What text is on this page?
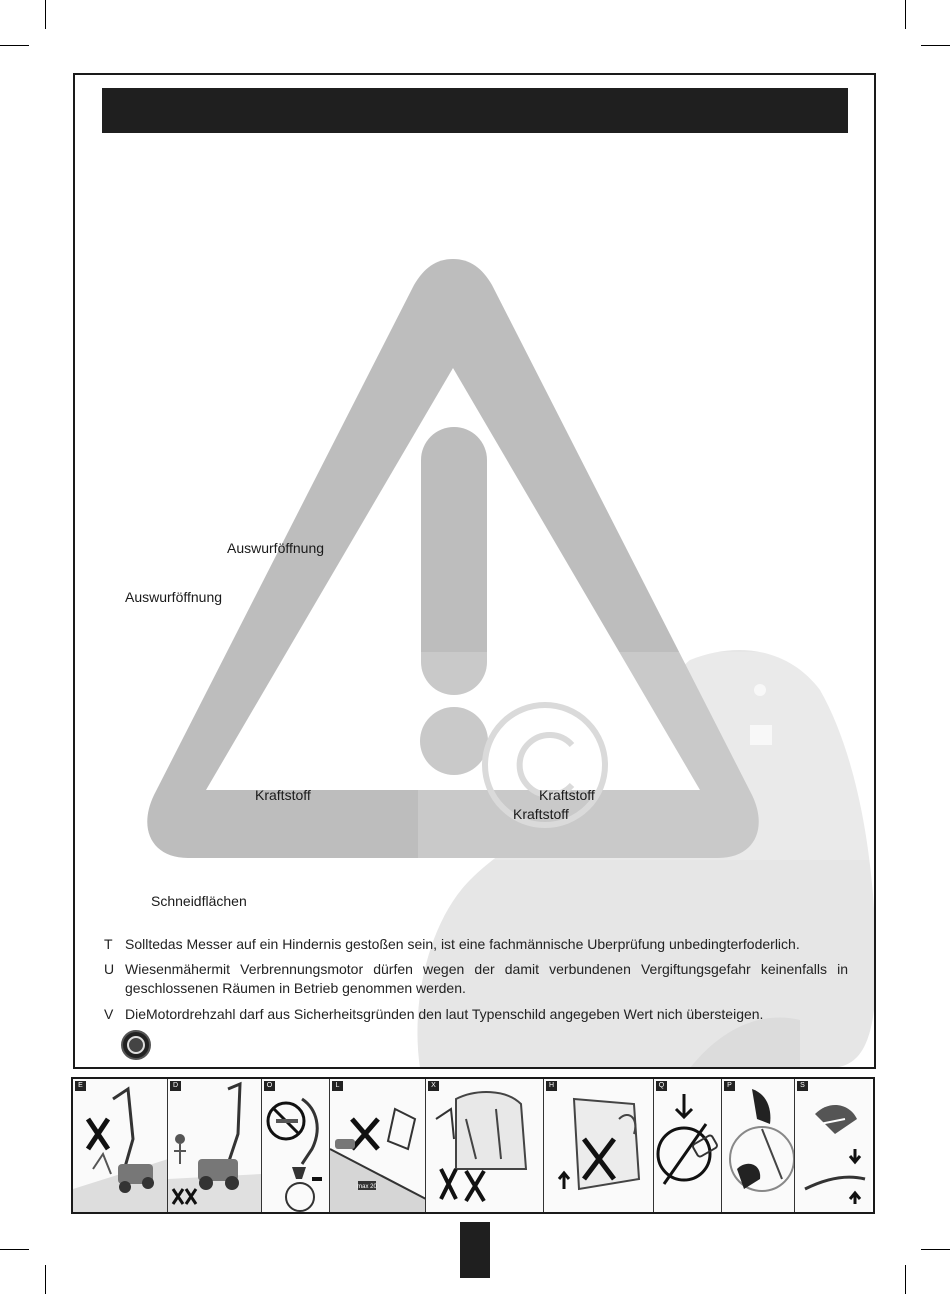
Auswurföffnung
Auswurföffnung
Kraftstoff	Kraftstoff
Kraftstoff
Schneidflächen
T Solltedas Messer auf ein Hindernis gestoßen sein, ist eine fachmännische Uberprüfung unbedingterfoderlich.
U Wiesenmähermit Verbrennungsmotor dürfen wegen der damit verbundenen Vergiftungsgefahr keinenfalls in geschlossenen Räumen in Betrieb genommen werden.
V DieMotordrehzahl darf aus Sicherheitsgründen den laut Typenschild angegeben Wert nich übersteigen.
E	D	O	L
max 20
X	H	Q	P	S
